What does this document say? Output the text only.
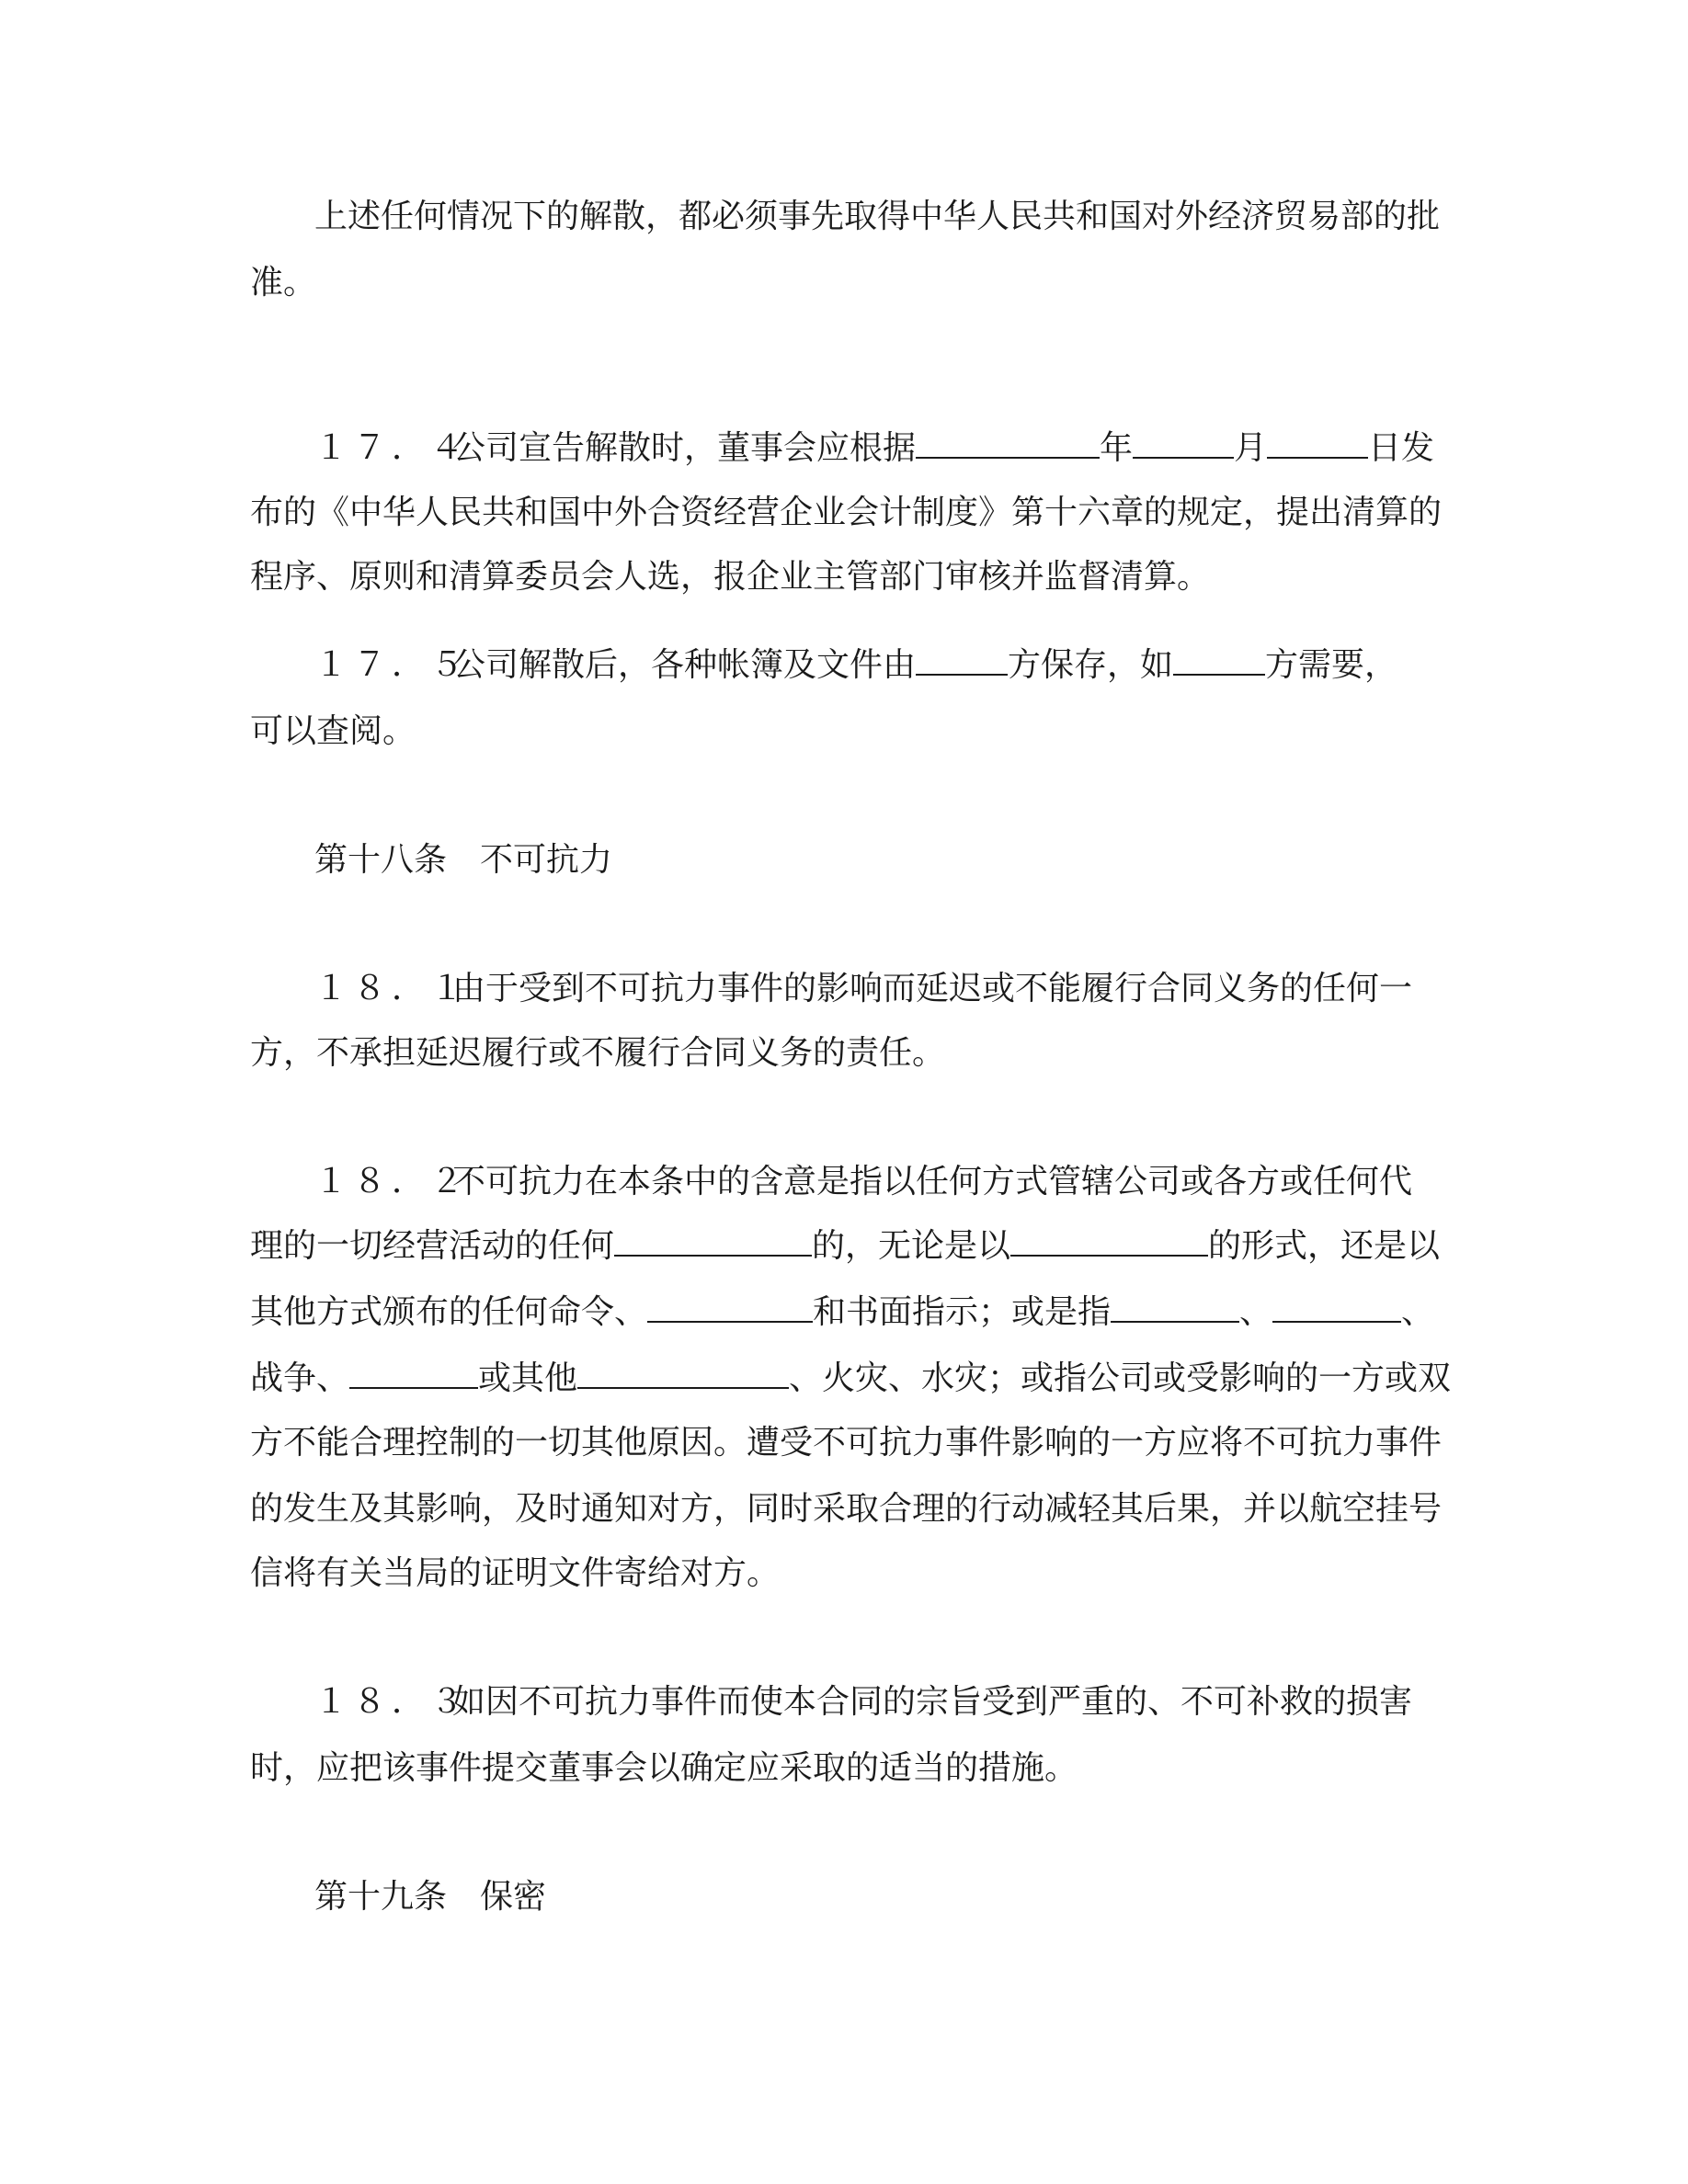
上述任何情况下的解散，都必须事先取得中华人民共和国对外经济贸易部的批
准。
１７．４公司宣告解散时，董事会应根据	年	月	日发
布的《中华人民共和国中外合资经营企业会计制度》第十六章的规定，提出清算的
程序、原则和清算委员会人选，报企业主管部门审核并监督清算。
１７．５公司解散后，各种帐簿及文件由	方保存，如	方需要，
可以查阅。
第十八条　不可抗力
１８．１由于受到不可抗力事件的影响而延迟或不能履行合同义务的任何一
方，不承担延迟履行或不履行合同义务的责任。
１８．２不可抗力在本条中的含意是指以任何方式管辖公司或各方或任何代
理的一切经营活动的任何	的，无论是以	的形式，还是以
其他方式颁布的任何命令、	和书面指示；或是指	、	、
战争、	或其他	、火灾、水灾；或指公司或受影响的一方或双
方不能合理控制的一切其他原因。遭受不可抗力事件影响的一方应将不可抗力事件
的发生及其影响，及时通知对方，同时采取合理的行动减轻其后果，并以航空挂号
信将有关当局的证明文件寄给对方。
１８．３如因不可抗力事件而使本合同的宗旨受到严重的、不可补救的损害
时，应把该事件提交董事会以确定应采取的适当的措施。
第十九条　保密
